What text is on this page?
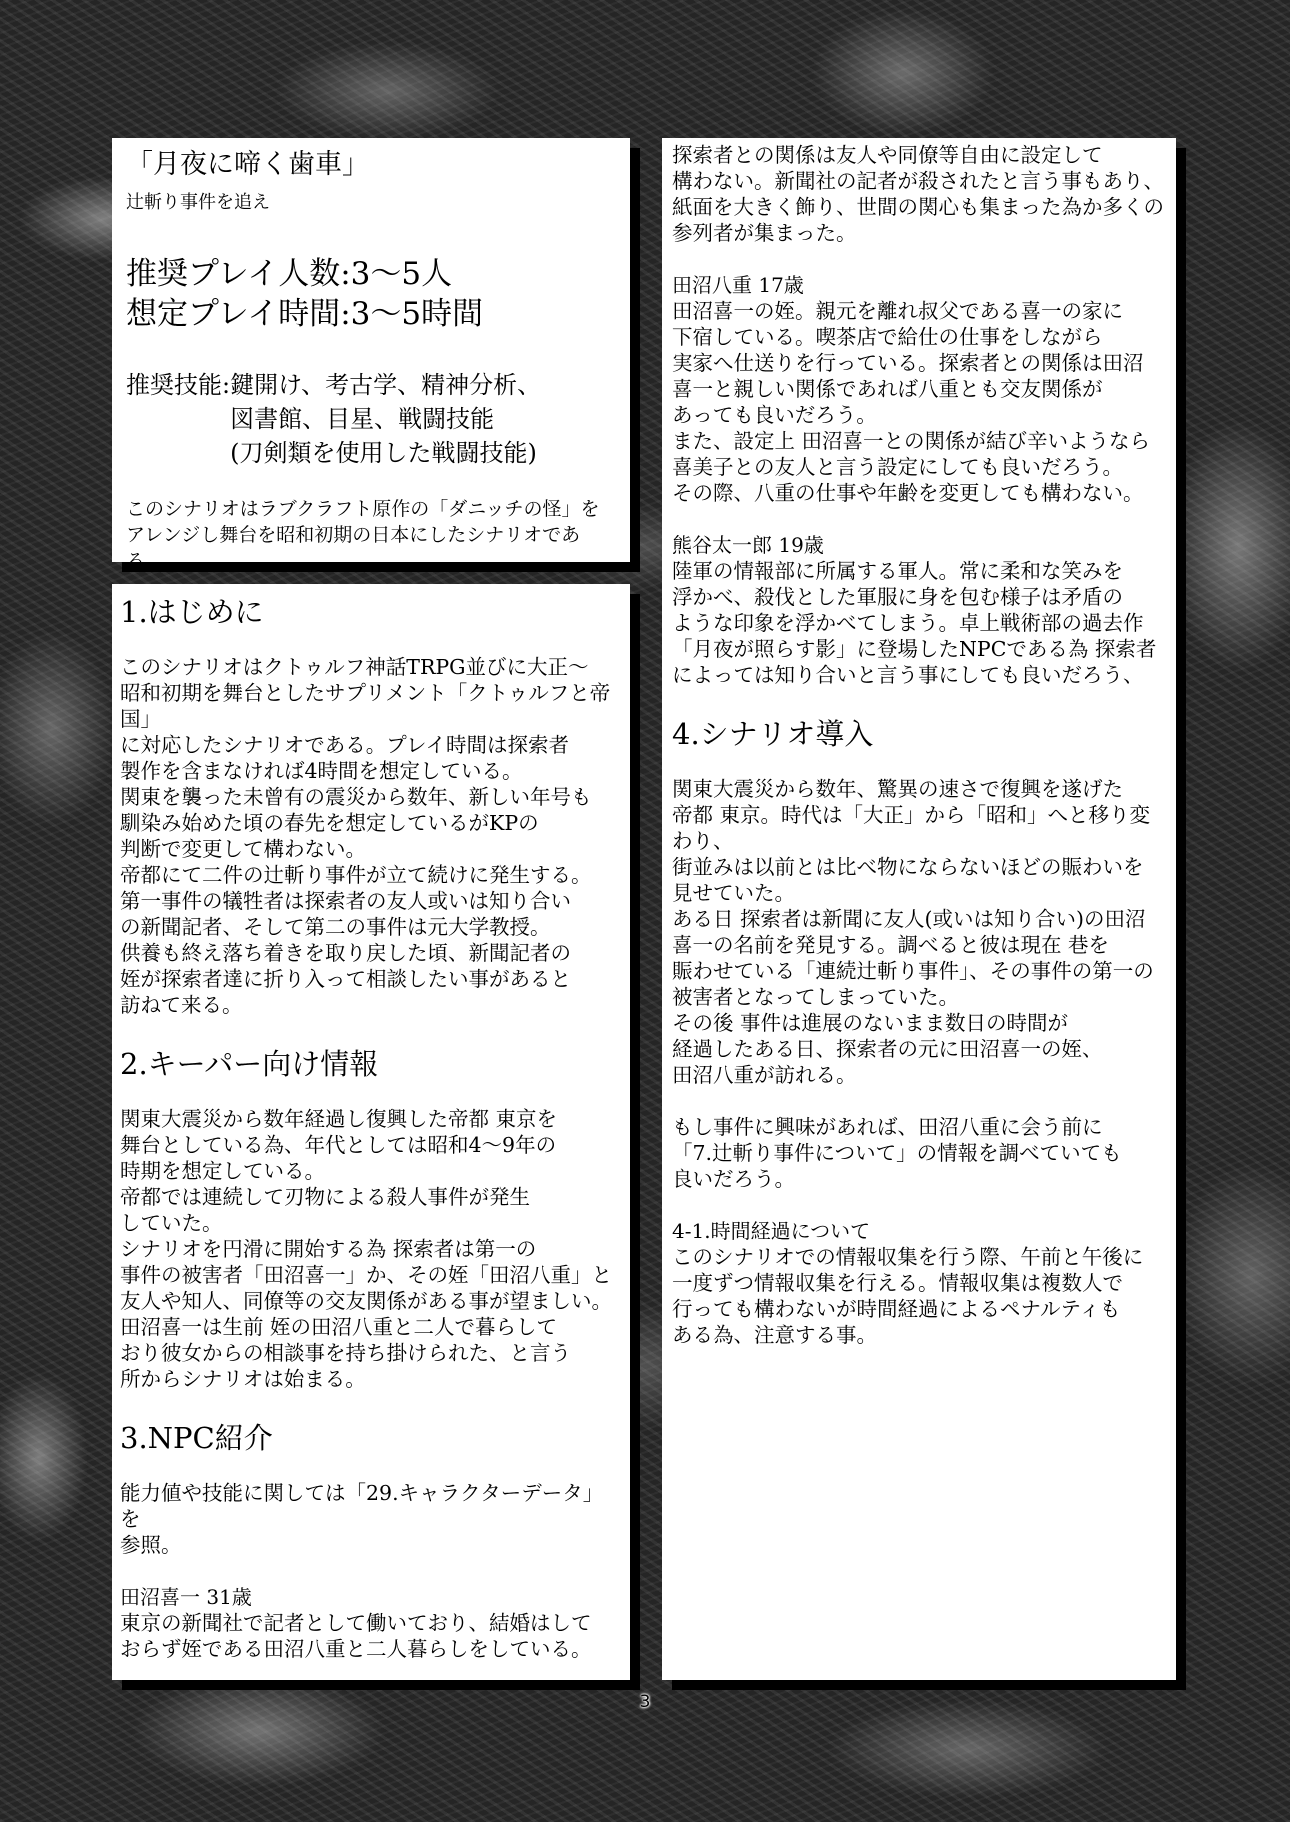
「月夜に啼く歯車」

辻斬り事件を追え

推奨プレイ人数:3〜5人

想定プレイ時間:3〜5時間

推奨技能: 鍵開け、考古学、精神分析、
図書館、目星、戦闘技能
(刀剣類を使用した戦闘技能)
このシナリオはラブクラフト原作の「ダニッチの怪」を
アレンジし舞台を昭和初期の日本にしたシナリオである。
1.はじめに

このシナリオはクトゥルフ神話TRPG並びに大正〜
昭和初期を舞台としたサプリメント「クトゥルフと帝国」
に対応したシナリオである。プレイ時間は探索者
製作を含まなければ4時間を想定している。
関東を襲った未曾有の震災から数年、新しい年号も
馴染み始めた頃の春先を想定しているがKPの
判断で変更して構わない。
帝都にて二件の辻斬り事件が立て続けに発生する。
第一事件の犠牲者は探索者の友人或いは知り合い
の新聞記者、そして第二の事件は元大学教授。
供養も終え落ち着きを取り戻した頃、新聞記者の
姪が探索者達に折り入って相談したい事があると
訪ねて来る。

2.キーパー向け情報

関東大震災から数年経過し復興した帝都 東京を
舞台としている為、年代としては昭和4〜9年の
時期を想定している。
帝都では連続して刃物による殺人事件が発生
していた。
シナリオを円滑に開始する為 探索者は第一の
事件の被害者「田沼喜一」か、その姪「田沼八重」と
友人や知人、同僚等の交友関係がある事が望ましい。
田沼喜一は生前 姪の田沼八重と二人で暮らして
おり彼女からの相談事を持ち掛けられた、と言う
所からシナリオは始まる。

3.NPC紹介

能力値や技能に関しては「29.キャラクターデータ」を
参照。

田沼喜一 31歳

東京の新聞社で記者として働いており、結婚はして
おらず姪である田沼八重と二人暮らしをしている。

探索者との関係は友人や同僚等自由に設定して
構わない。新聞社の記者が殺されたと言う事もあり、
紙面を大きく飾り、世間の関心も集まった為か多くの
参列者が集まった。

田沼八重 17歳

田沼喜一の姪。親元を離れ叔父である喜一の家に
下宿している。喫茶店で給仕の仕事をしながら
実家へ仕送りを行っている。探索者との関係は田沼
喜一と親しい関係であれば八重とも交友関係が
あっても良いだろう。
また、設定上 田沼喜一との関係が結び辛いようなら
喜美子との友人と言う設定にしても良いだろう。
その際、八重の仕事や年齢を変更しても構わない。

熊谷太一郎 19歳

陸軍の情報部に所属する軍人。常に柔和な笑みを
浮かべ、殺伐とした軍服に身を包む様子は矛盾の
ような印象を浮かべてしまう。卓上戦術部の過去作
「月夜が照らす影」に登場したNPCである為 探索者
によっては知り合いと言う事にしても良いだろう、

4.シナリオ導入

関東大震災から数年、驚異の速さで復興を遂げた
帝都 東京。時代は「大正」から「昭和」へと移り変わり、
街並みは以前とは比べ物にならないほどの賑わいを
見せていた。
ある日 探索者は新聞に友人(或いは知り合い)の田沼
喜一の名前を発見する。調べると彼は現在 巷を
賑わせている「連続辻斬り事件」、その事件の第一の
被害者となってしまっていた。
その後 事件は進展のないまま数日の時間が
経過したある日、探索者の元に田沼喜一の姪、
田沼八重が訪れる。

もし事件に興味があれば、田沼八重に会う前に
「7.辻斬り事件について」の情報を調べていても
良いだろう。

4-1.時間経過について

このシナリオでの情報収集を行う際、午前と午後に
一度ずつ情報収集を行える。情報収集は複数人で
行っても構わないが時間経過によるペナルティも
ある為、注意する事。

3
